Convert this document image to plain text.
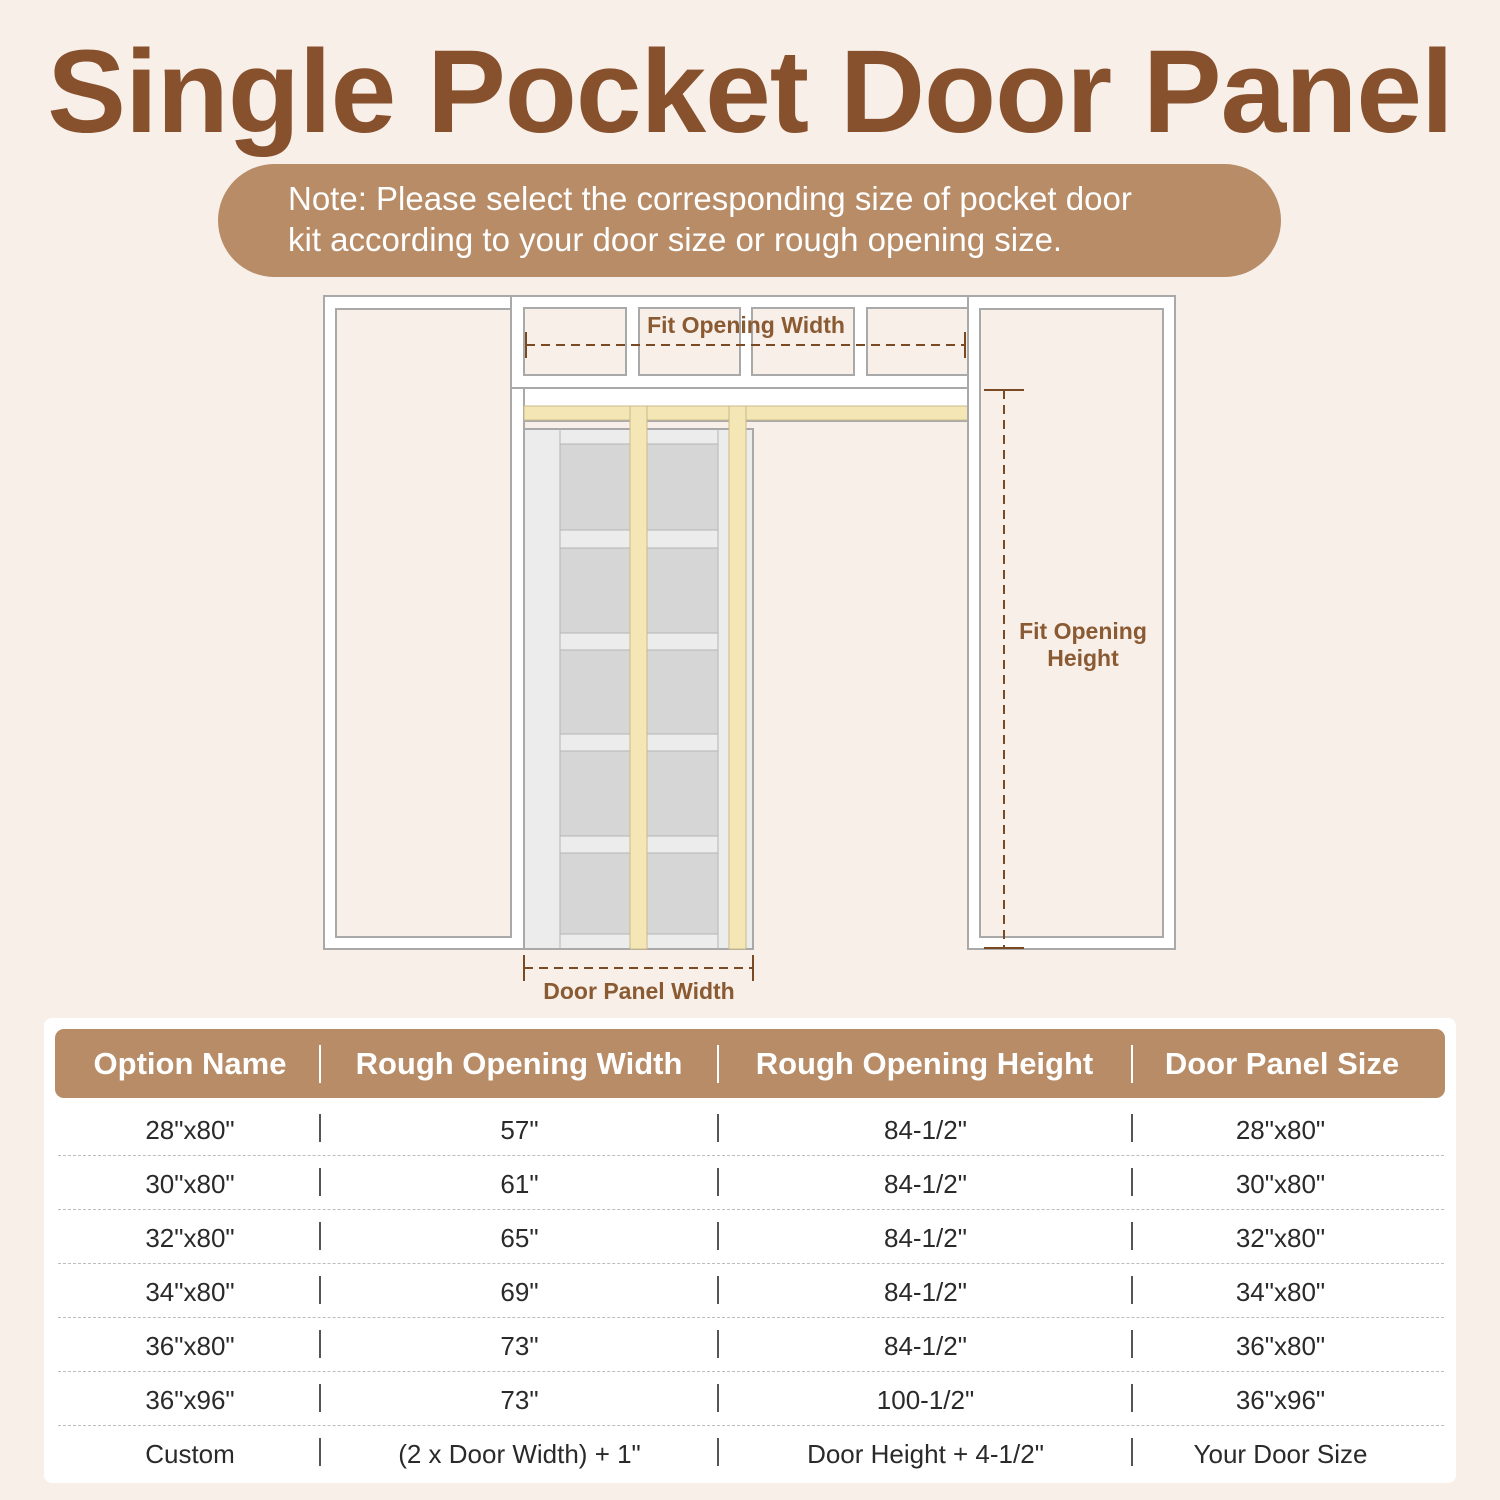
Single Pocket Door Panel
Note: Please select the corresponding size of pocket door
kit according to your door size or rough opening size.
Fit Opening Width
Fit Opening
Height
Door Panel Width
Option Name	Rough Opening Width	Rough Opening Height	Door Panel Size
28"x80"	57"	84-1/2"	28"x80"
30"x80"	61"	84-1/2"	30"x80"
32"x80"	65"	84-1/2"	32"x80"
34"x80"	69"	84-1/2"	34"x80"
36"x80"	73"	84-1/2"	36"x80"
36"x96"	73"	100-1/2"	36"x96"
Custom	(2 x Door Width) + 1"	Door Height + 4-1/2"	Your Door Size
